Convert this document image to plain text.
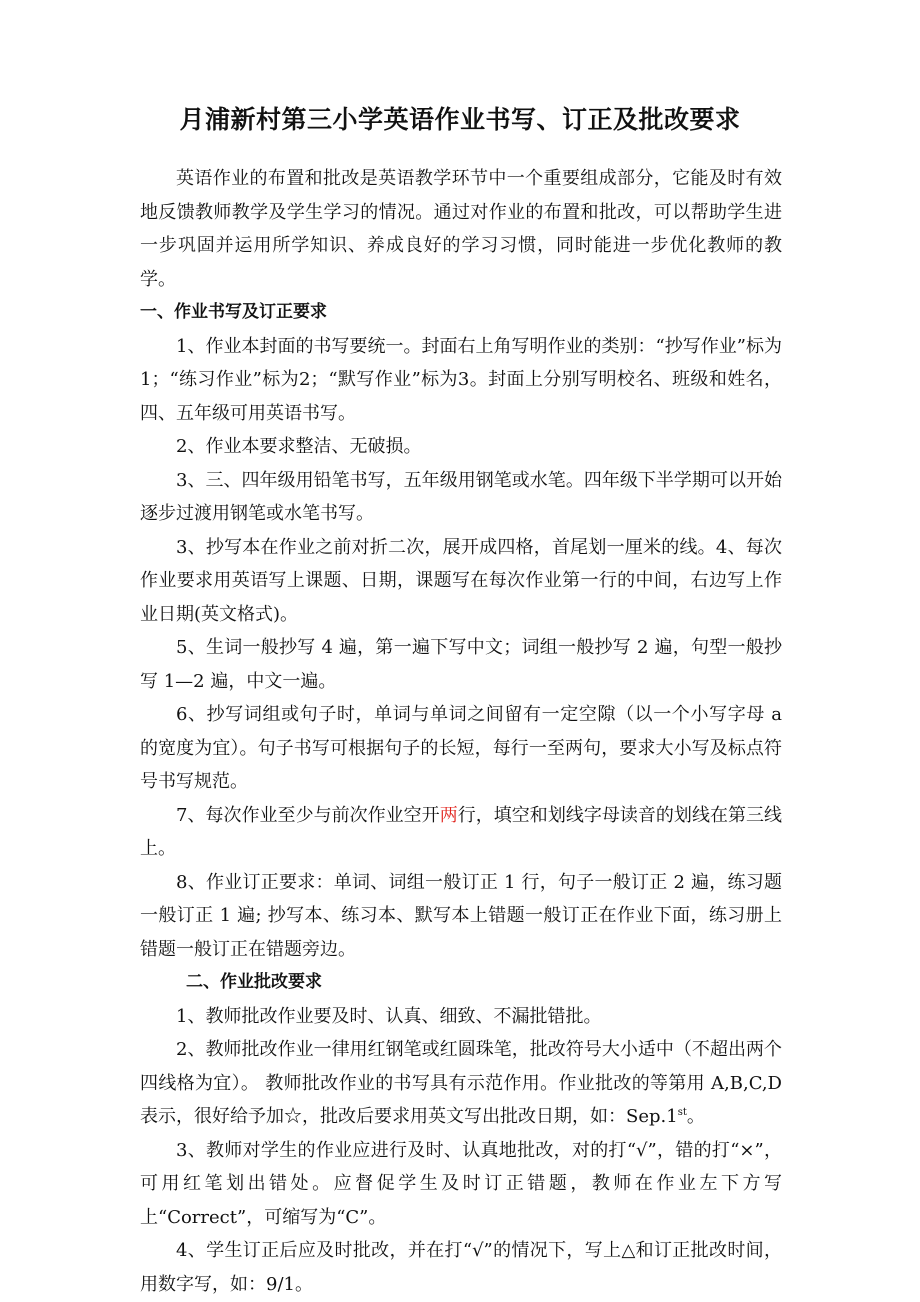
月浦新村第三小学英语作业书写、订正及批改要求

英语作业的布置和批改是英语教学环节中一个重要组成部分，它能及时有效地反馈教师教学及学生学习的情况。通过对作业的布置和批改，可以帮助学生进一步巩固并运用所学知识、养成良好的学习习惯，同时能进一步优化教师的教学。

一、作业书写及订正要求

1、作业本封面的书写要统一。封面右上角写明作业的类别：“抄写作业”标为1；“练习作业”标为2；“默写作业”标为3。封面上分别写明校名、班级和姓名，四、五年级可用英语书写。

2、作业本要求整洁、无破损。

3、三、四年级用铅笔书写，五年级用钢笔或水笔。四年级下半学期可以开始逐步过渡用钢笔或水笔书写。

3、抄写本在作业之前对折二次，展开成四格，首尾划一厘米的线。4、每次作业要求用英语写上课题、日期，课题写在每次作业第一行的中间，右边写上作业日期(英文格式)。

5、生词一般抄写 4 遍，第一遍下写中文；词组一般抄写 2 遍，句型一般抄写 1—2 遍，中文一遍。

6、抄写词组或句子时，单词与单词之间留有一定空隙（以一个小写字母 a 的宽度为宜）。句子书写可根据句子的长短，每行一至两句，要求大小写及标点符号书写规范。

7、每次作业至少与前次作业空开两行，填空和划线字母读音的划线在第三线上。

8、作业订正要求：单词、词组一般订正 1 行，句子一般订正 2 遍，练习题一般订正 1 遍; 抄写本、练习本、默写本上错题一般订正在作业下面，练习册上错题一般订正在错题旁边。

二、作业批改要求

1、教师批改作业要及时、认真、细致、不漏批错批。

2、教师批改作业一律用红钢笔或红圆珠笔，批改符号大小适中（不超出两个四线格为宜）。 教师批改作业的书写具有示范作用。作业批改的等第用 A,B,C,D 表示，很好给予加☆，批改后要求用英文写出批改日期，如：Sep.1st。

3、教师对学生的作业应进行及时、认真地批改，对的打“√”，错的打“×”，可用红笔划出错处。应督促学生及时订正错题，教师在作业左下方写上“Correct”，可缩写为“C”。

4、学生订正后应及时批改，并在打“√”的情况下，写上△和订正批改时间，用数字写，如：9/1。
